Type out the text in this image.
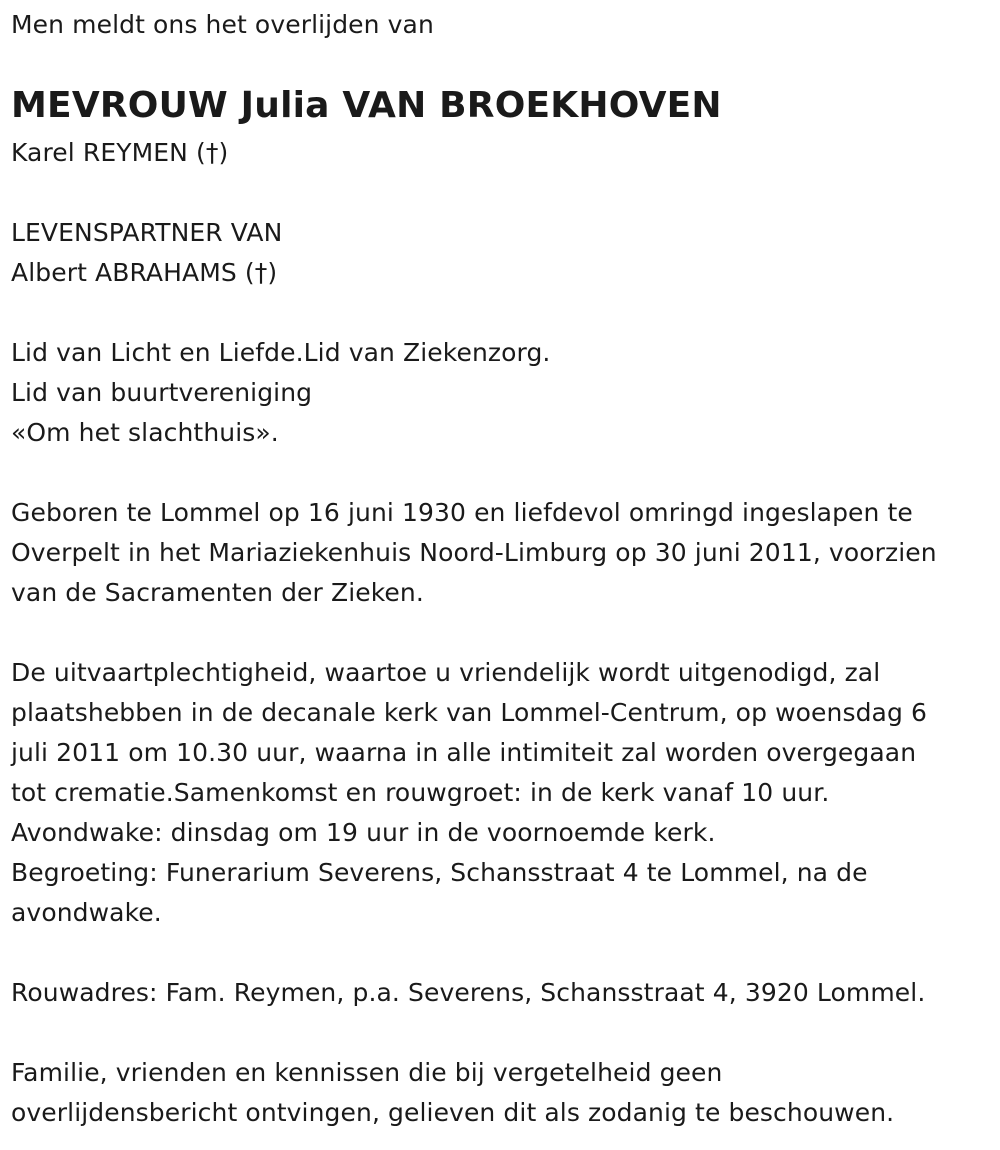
Men meldt ons het overlijden van
MEVROUW Julia VAN BROEKHOVEN
Karel REYMEN (†)
LEVENSPARTNER VAN
Albert ABRAHAMS (†)
Lid van Licht en Liefde.Lid van Ziekenzorg.
Lid van buurtvereniging
«Om het slachthuis».
Geboren te Lommel op 16 juni 1930 en liefdevol omringd ingeslapen te
Overpelt in het Mariaziekenhuis Noord-Limburg op 30 juni 2011, voorzien
van de Sacramenten der Zieken.
De uitvaartplechtigheid, waartoe u vriendelijk wordt uitgenodigd, zal
plaatshebben in de decanale kerk van Lommel-Centrum, op woensdag 6
juli 2011 om 10.30 uur, waarna in alle intimiteit zal worden overgegaan
tot crematie.Samenkomst en rouwgroet: in de kerk vanaf 10 uur.
Avondwake: dinsdag om 19 uur in de voornoemde kerk.
Begroeting: Funerarium Severens, Schansstraat 4 te Lommel, na de
avondwake.
Rouwadres: Fam. Reymen, p.a. Severens, Schansstraat 4, 3920 Lommel.
Familie, vrienden en kennissen die bij vergetelheid geen
overlijdensbericht ontvingen, gelieven dit als zodanig te beschouwen.
